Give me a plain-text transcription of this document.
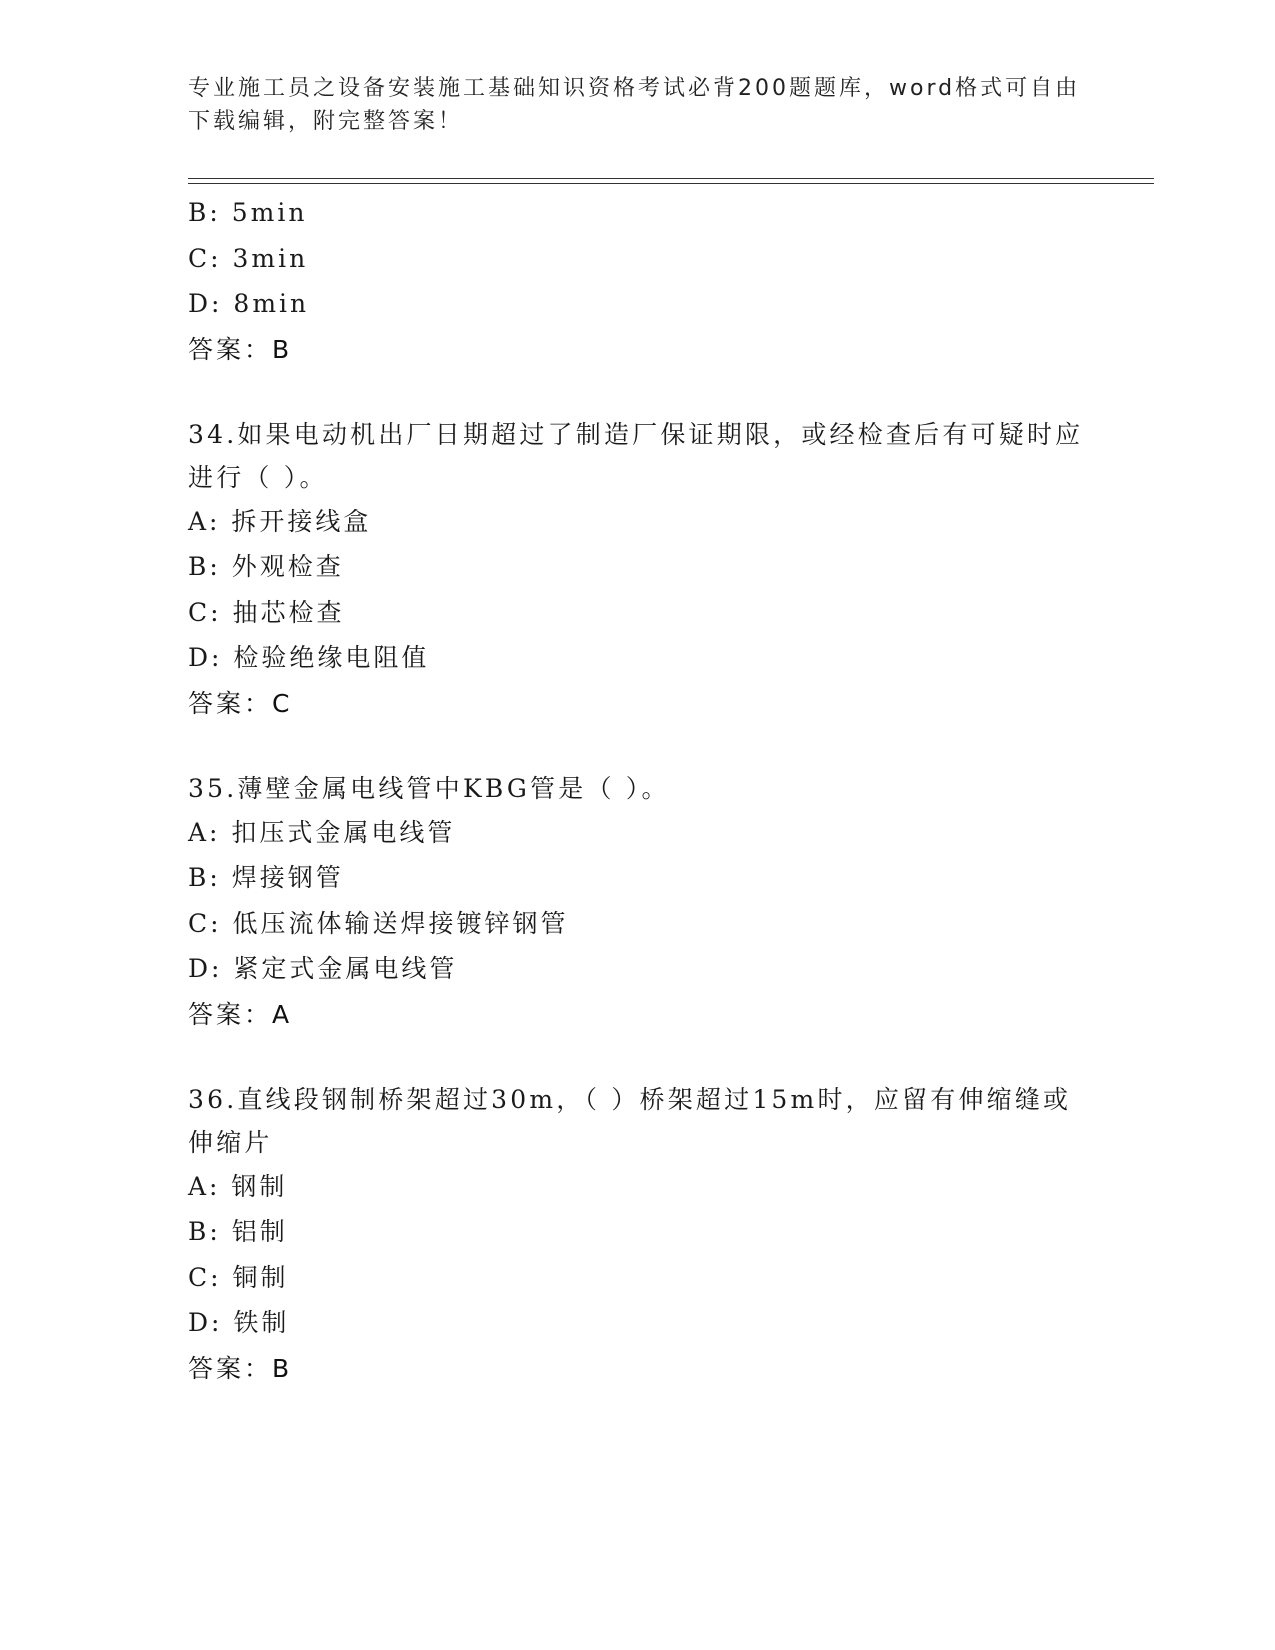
专业施工员之设备安装施工基础知识资格考试必背200题题库，word格式可自由下载编辑，附完整答案！
B: 5min
C: 3min
D: 8min
答案：B
34.如果电动机出厂日期超过了制造厂保证期限，或经检查后有可疑时应进行（ ）。
A: 拆开接线盒
B: 外观检查
C: 抽芯检查
D: 检验绝缘电阻值
答案：C
35.薄壁金属电线管中KBG管是（ ）。
A: 扣压式金属电线管
B: 焊接钢管
C: 低压流体输送焊接镀锌钢管
D: 紧定式金属电线管
答案：A
36.直线段钢制桥架超过30m，（ ）桥架超过15m时，应留有伸缩缝或伸缩片
A: 钢制
B: 铝制
C: 铜制
D: 铁制
答案：B
